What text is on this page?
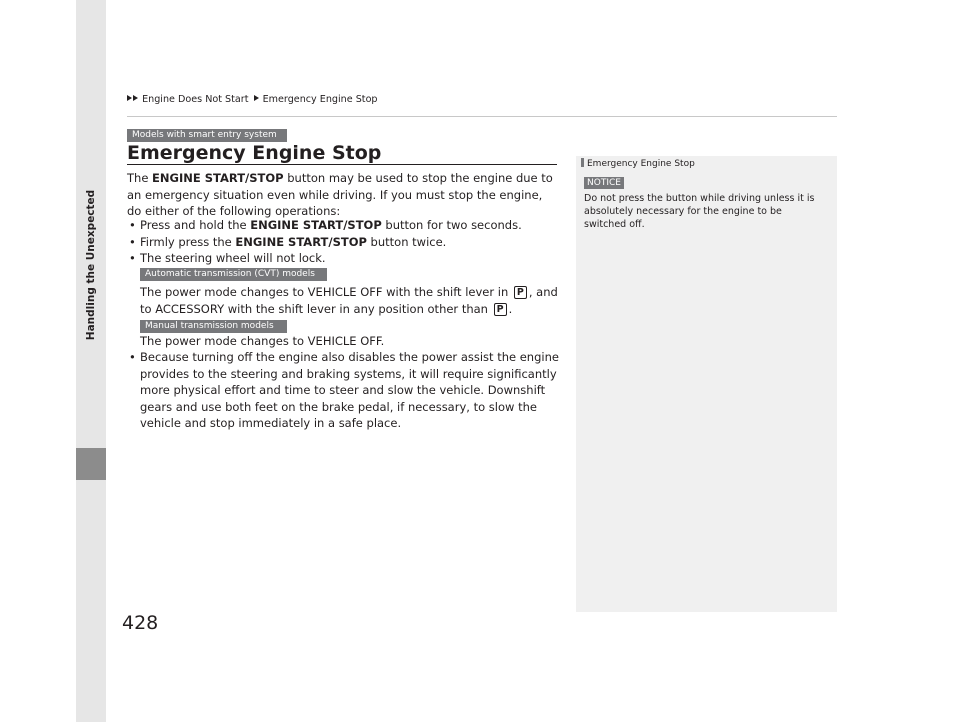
Handling the Unexpected
Engine Does Not Start Emergency Engine Stop
Models with smart entry system
Emergency Engine Stop
The ENGINE START/STOP button may be used to stop the engine due to an emergency situation even while driving. If you must stop the engine, do either of the following operations:
• Press and hold the ENGINE START/STOP button for two seconds.
• Firmly press the ENGINE START/STOP button twice.
• The steering wheel will not lock.
Automatic transmission (CVT) models
The power mode changes to VEHICLE OFF with the shift lever in P , and to ACCESSORY with the shift lever in any position other than P .
Manual transmission models
The power mode changes to VEHICLE OFF.
• Because turning off the engine also disables the power assist the engine provides to the steering and braking systems, it will require significantly more physical effort and time to steer and slow the vehicle. Downshift gears and use both feet on the brake pedal, if necessary, to slow the vehicle and stop immediately in a safe place.
Emergency Engine Stop
NOTICE
Do not press the button while driving unless it is absolutely necessary for the engine to be switched off.
428
